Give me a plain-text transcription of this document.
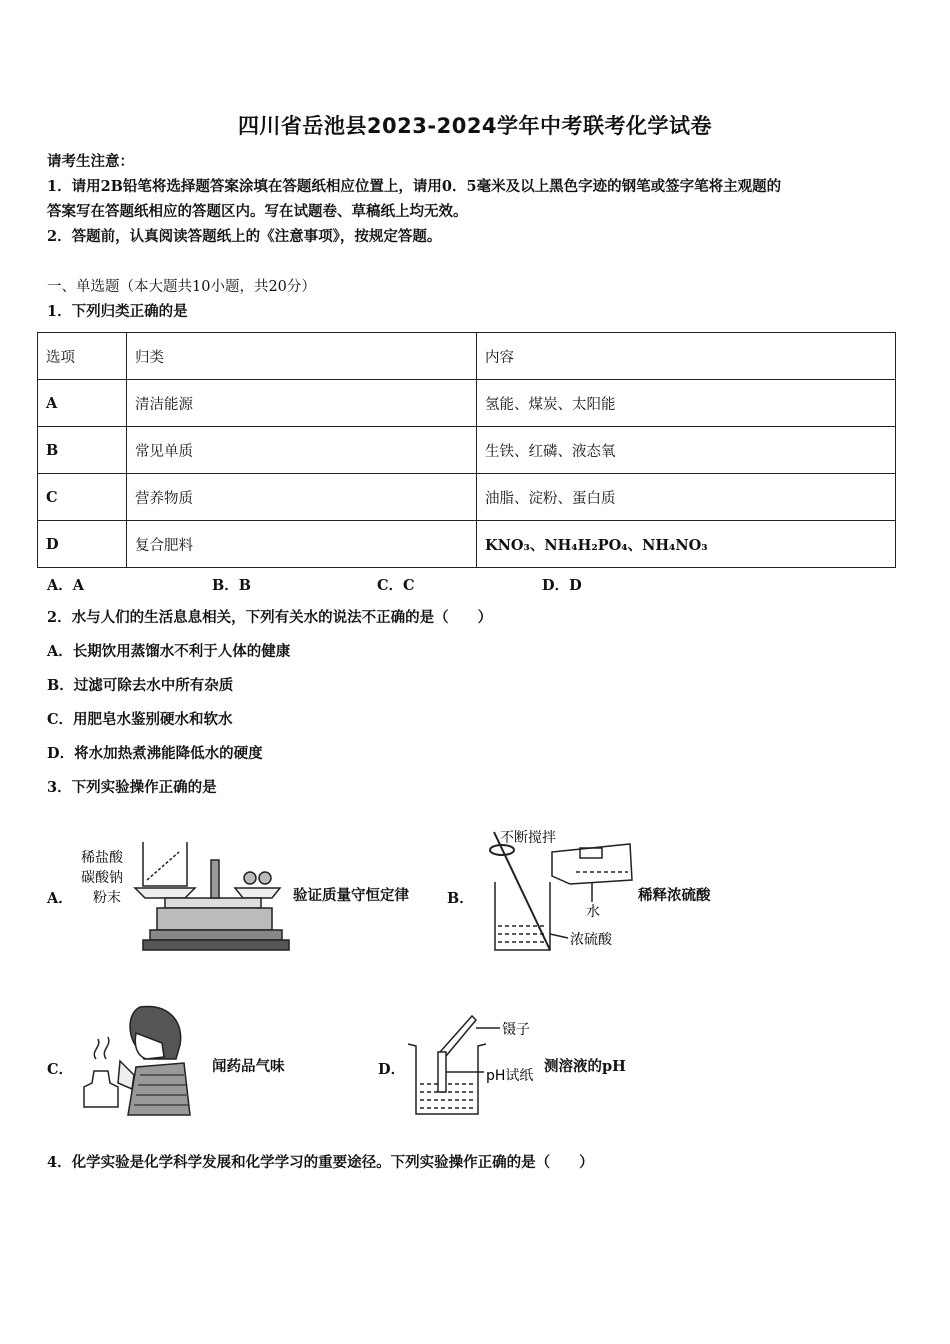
四川省岳池县2023-2024学年中考联考化学试卷
请考生注意：
1．请用2B铅笔将选择题答案涂填在答题纸相应位置上，请用0．5毫米及以上黑色字迹的钢笔或签字笔将主观题的
答案写在答题纸相应的答题区内。写在试题卷、草稿纸上均无效。
2．答题前，认真阅读答题纸上的《注意事项》，按规定答题。
一、单选题（本大题共10小题，共20分）
1．下列归类正确的是
选项	归类	内容
A	清洁能源	氢能、煤炭、太阳能
B	常见单质	生铁、红磷、液态氧
C	营养物质	油脂、淀粉、蛋白质
D	复合肥料	KNO₃、NH₄H₂PO₄、NH₄NO₃
A．A	B．B	C．C	D．D
2．水与人们的生活息息相关，下列有关水的说法不正确的是（　　）
A．长期饮用蒸馏水不利于人体的健康
B．过滤可除去水中所有杂质
C．用肥皂水鉴别硬水和软水
D．将水加热煮沸能降低水的硬度
3．下列实验操作正确的是
A．
稀盐酸
碳酸钠
粉末	验证质量守恒定律	B．
不断搅拌
水
浓硫酸
稀释浓硫酸
C．	闻药品气味	D．
镊子
pH试纸
测溶液的pH
4．化学实验是化学科学发展和化学学习的重要途径。下列实验操作正确的是（　　）
